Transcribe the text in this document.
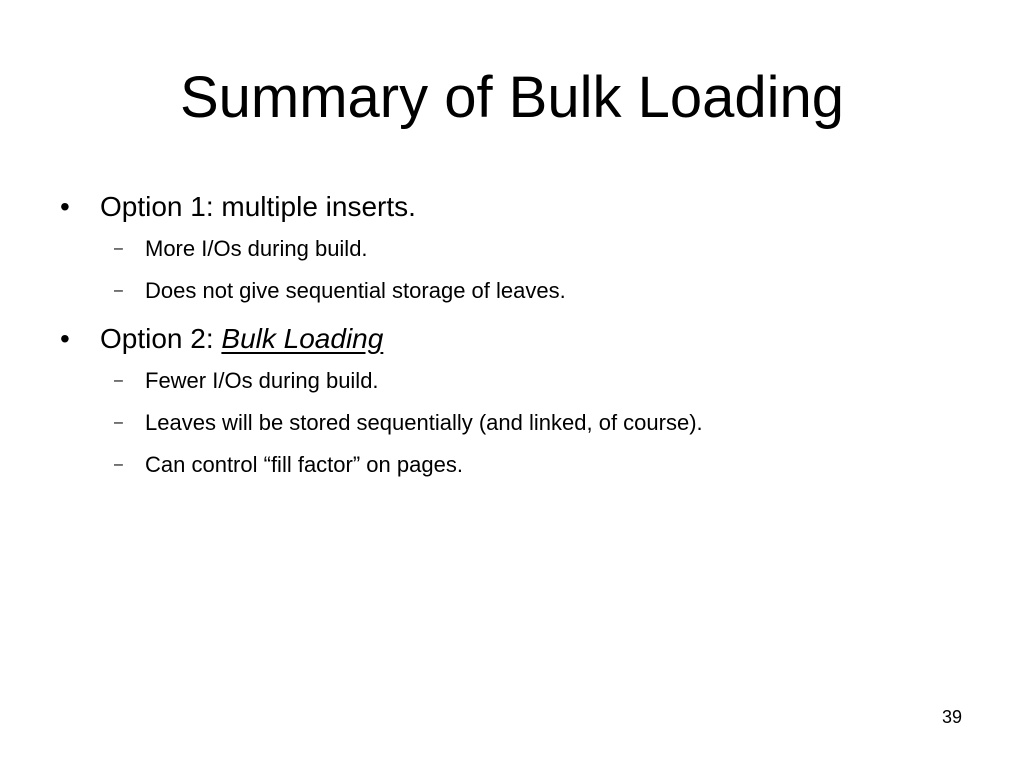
Summary of Bulk Loading
•	Option 1: multiple inserts.
–	More I/Os during build.
–	Does not give sequential storage of leaves.
•	Option 2: Bulk Loading
–	Fewer I/Os during build.
–	Leaves will be stored sequentially (and linked, of course).
–	Can control “fill factor” on pages.
39
